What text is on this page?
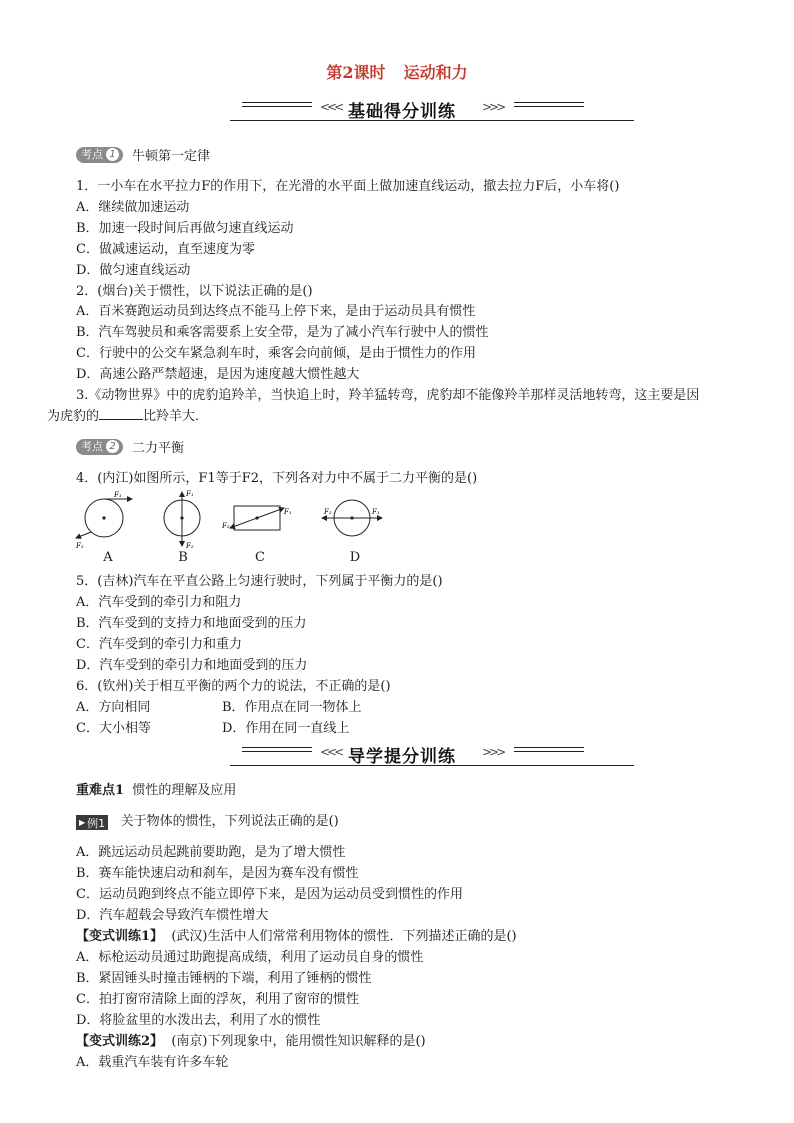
第2课时 运动和力
<<< 基础得分训练 >>>
考点 1 牛顿第一定律
1．一小车在水平拉力F的作用下，在光滑的水平面上做加速直线运动，撤去拉力F后，小车将()
A．继续做加速运动
B．加速一段时间后再做匀速直线运动
C．做减速运动，直至速度为零
D．做匀速直线运动
2．(烟台)关于惯性，以下说法正确的是()
A．百米赛跑运动员到达终点不能马上停下来，是由于运动员具有惯性
B．汽车驾驶员和乘客需要系上安全带，是为了减小汽车行驶中人的惯性
C．行驶中的公交车紧急刹车时，乘客会向前倾，是由于惯性力的作用
D．高速公路严禁超速，是因为速度越大惯性越大
3.《动物世界》中的虎豹追羚羊，当快追上时，羚羊猛转弯，虎豹却不能像羚羊那样灵活地转弯，这主要是因
为虎豹的	比羚羊大．
考点 2 二力平衡
4．(内江)如图所示，F1等于F2，下列各对力中不属于二力平衡的是()
F₁
F₂
F₁
F₂
F₁
F₂
F₂	F₁
A	B	C	D
5．(吉林)汽车在平直公路上匀速行驶时，下列属于平衡力的是()
A．汽车受到的牵引力和阻力
B．汽车受到的支持力和地面受到的压力
C．汽车受到的牵引力和重力
D．汽车受到的牵引力和地面受到的压力
6．(钦州)关于相互平衡的两个力的说法，不正确的是()
A．方向相同	B．作用点在同一物体上
C．大小相等	D．作用在同一直线上
<<< 导学提分训练 >>>
重难点1 惯性的理解及应用
▶ 例1 关于物体的惯性，下列说法正确的是()
A．跳远运动员起跳前要助跑，是为了增大惯性
B．赛车能快速启动和刹车，是因为赛车没有惯性
C．运动员跑到终点不能立即停下来，是因为运动员受到惯性的作用
D．汽车超载会导致汽车惯性增大
【变式训练1】 (武汉)生活中人们常常利用物体的惯性．下列描述正确的是()
A．标枪运动员通过助跑提高成绩，利用了运动员自身的惯性
B．紧固锤头时撞击锤柄的下端，利用了锤柄的惯性
C．拍打窗帘清除上面的浮灰，利用了窗帘的惯性
D．将脸盆里的水泼出去，利用了水的惯性
【变式训练2】 (南京)下列现象中，能用惯性知识解释的是()
A．载重汽车装有许多车轮
